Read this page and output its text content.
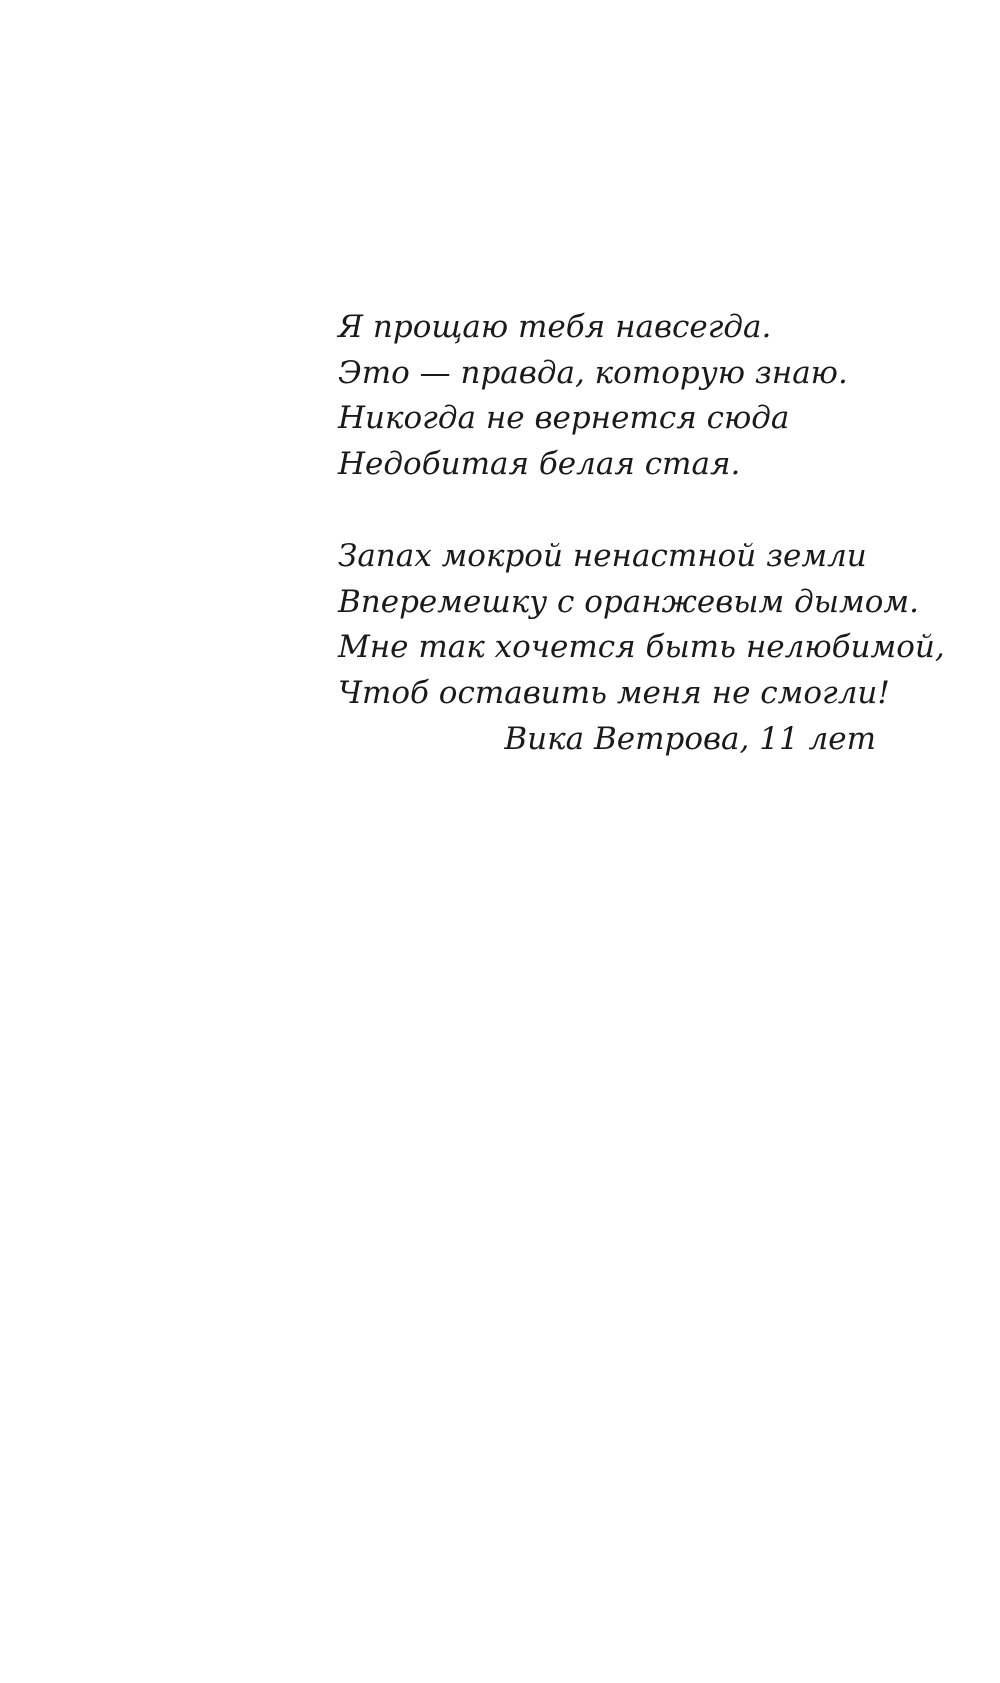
Я прощаю тебя навсегда.
Это — правда, которую знаю.
Никогда не вернется сюда
Недобитая белая стая.

Запах мокрой ненастной земли
Вперемешку с оранжевым дымом.
Мне так хочется быть нелюбимой,
Чтоб оставить меня не смогли!

Вика Ветрова, 11 лет
